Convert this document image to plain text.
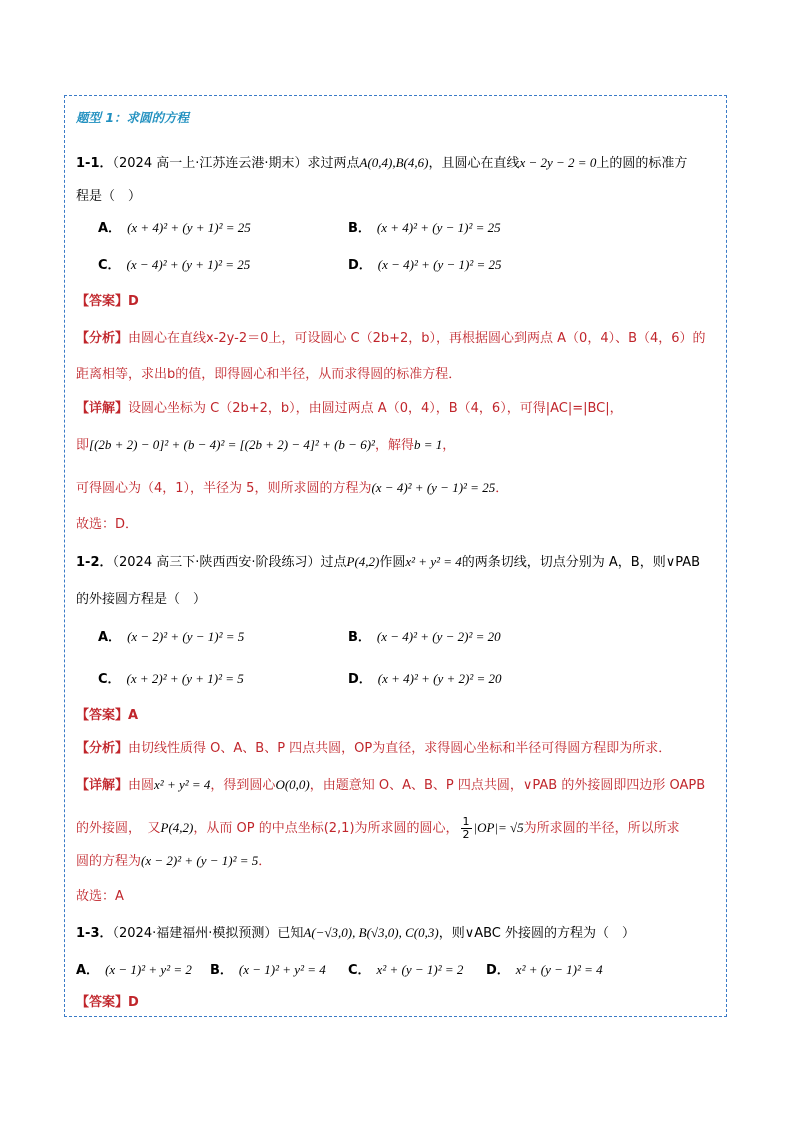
题型 1：求圆的方程
1-1．（2024 高一上·江苏连云港·期末）求过两点A(0,4),B(4,6)，且圆心在直线x − 2y − 2 = 0上的圆的标准方
程是（　）
A． (x + 4)² + (y + 1)² = 25	B． (x + 4)² + (y − 1)² = 25
C． (x − 4)² + (y + 1)² = 25	D． (x − 4)² + (y − 1)² = 25
【答案】D
【分析】由圆心在直线x-2y-2＝0上，可设圆心 C（2b+2，b），再根据圆心到两点 A（0，4）、B（4，6）的
距离相等，求出b的值，即得圆心和半径，从而求得圆的标准方程．
【详解】设圆心坐标为 C（2b+2，b），由圆过两点 A（0，4），B（4，6），可得|AC|=|BC|，
即[(2b + 2) − 0]² + (b − 4)² = [(2b + 2) − 4]² + (b − 6)²，解得b = 1，
可得圆心为（4，1），半径为 5，则所求圆的方程为(x − 4)² + (y − 1)² = 25．
故选：D．
1-2．（2024 高三下·陕西西安·阶段练习）过点P(4,2)作圆x² + y² = 4的两条切线，切点分别为 A，B，则∨PAB
的外接圆方程是（　）
A． (x − 2)² + (y − 1)² = 5	B． (x − 4)² + (y − 2)² = 20
C． (x + 2)² + (y + 1)² = 5	D． (x + 4)² + (y + 2)² = 20
【答案】A
【分析】由切线性质得 O、A、B、P 四点共圆，OP为直径，求得圆心坐标和半径可得圆方程即为所求．
【详解】由圆x² + y² = 4，得到圆心O(0,0)，由题意知 O、A、B、P 四点共圆，∨PAB 的外接圆即四边形 OAPB
的外接圆，　又P(4,2)，从而 OP 的中点坐标(2,1)为所求圆的圆心， $\frac{1}{2} |OP|= √5$为所求圆的半径，所以所求
圆的方程为(x − 2)² + (y − 1)² = 5．
故选：A
1-3．（2024·福建福州·模拟预测）已知A(−√3,0), B(√3,0), C(0,3)，则∨ABC 外接圆的方程为（　）
A． (x − 1)² + y² = 2 B． (x − 1)² + y² = 4 C． x² + (y − 1)² = 2 D． x² + (y − 1)² = 4
【答案】D
